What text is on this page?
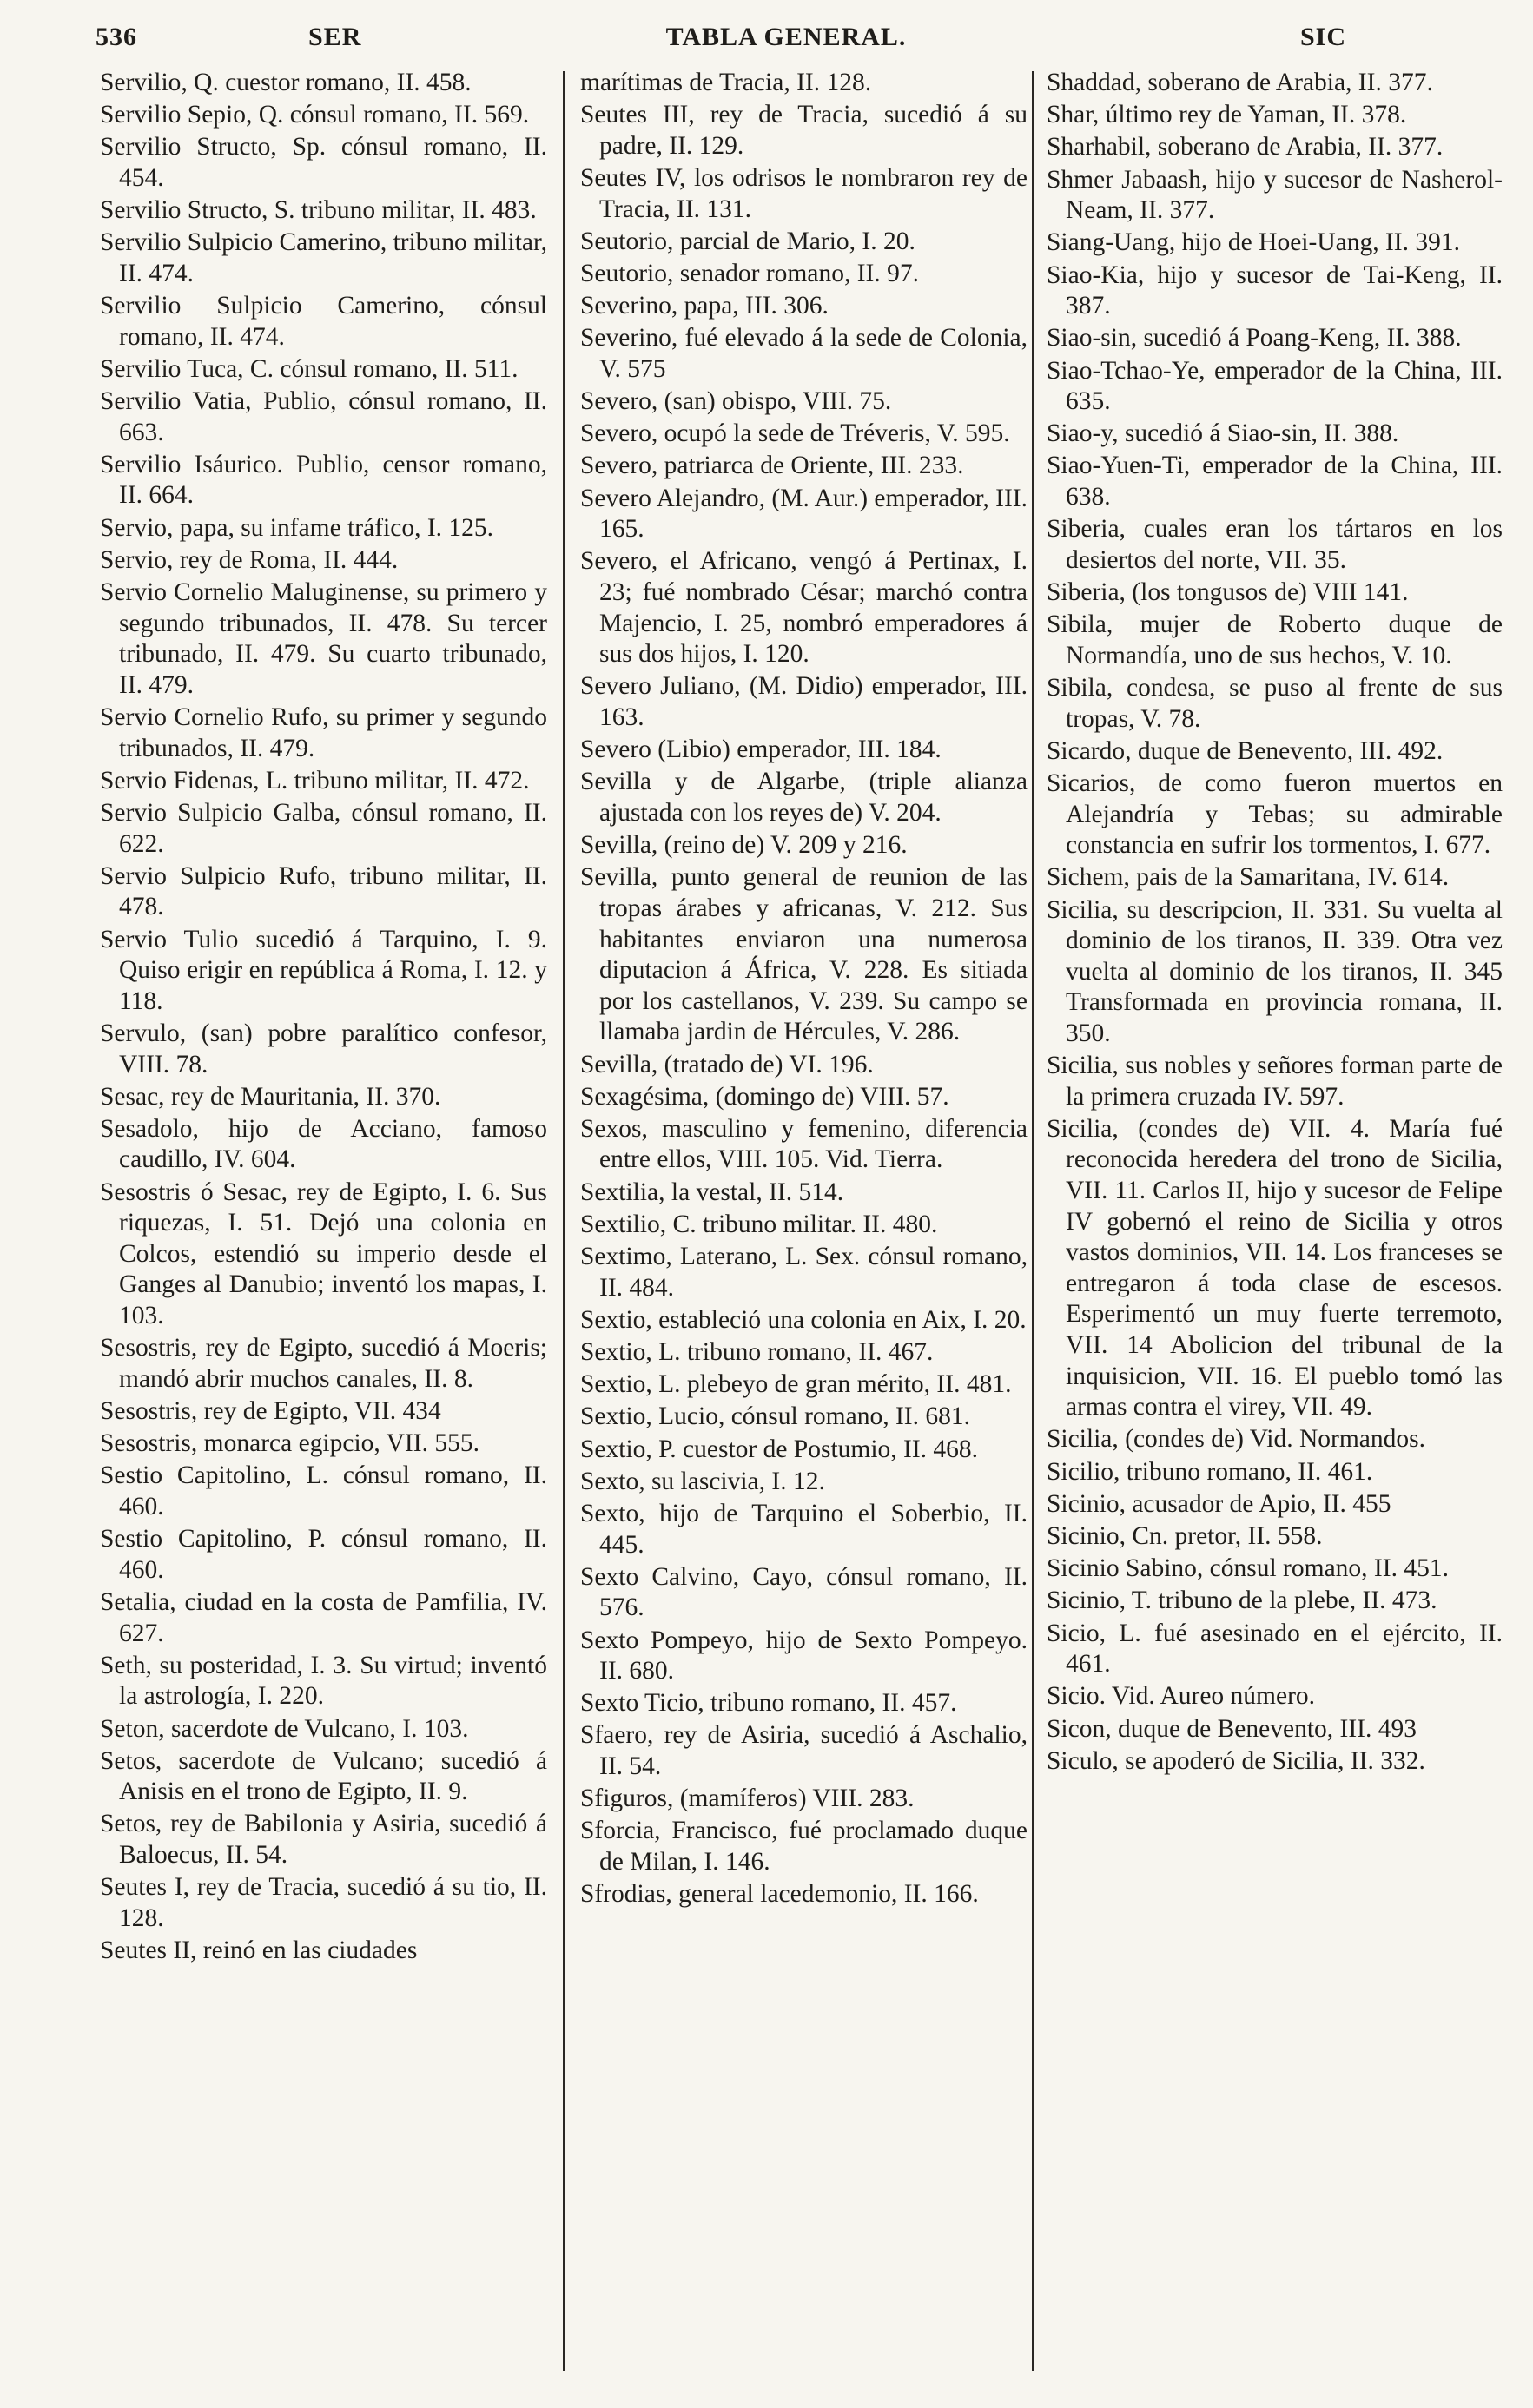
536	SER	TABLA GENERAL.	SIC

Servilio, Q. cuestor romano, II. 458.

Servilio Sepio, Q. cónsul romano, II. 569.

Servilio Structo, Sp. cónsul romano, II. 454.

Servilio Structo, S. tribuno militar, II. 483.

Servilio Sulpicio Camerino, tribuno militar, II. 474.

Servilio Sulpicio Camerino, cónsul romano, II. 474.

Servilio Tuca, C. cónsul romano, II. 511.

Servilio Vatia, Publio, cónsul romano, II. 663.

Servilio Isáurico. Publio, censor romano, II. 664.

Servio, papa, su infame tráfico, I. 125.

Servio, rey de Roma, II. 444.

Servio Cornelio Maluginense, su primero y segundo tribunados, II. 478. Su tercer tribunado, II. 479. Su cuarto tribunado, II. 479.

Servio Cornelio Rufo, su primer y segundo tribunados, II. 479.

Servio Fidenas, L. tribuno militar, II. 472.

Servio Sulpicio Galba, cónsul romano, II. 622.

Servio Sulpicio Rufo, tribuno militar, II. 478.

Servio Tulio sucedió á Tarquino, I. 9. Quiso erigir en república á Roma, I. 12. y 118.

Servulo, (san) pobre paralítico confesor, VIII. 78.

Sesac, rey de Mauritania, II. 370.

Sesadolo, hijo de Acciano, famoso caudillo, IV. 604.

Sesostris ó Sesac, rey de Egipto, I. 6. Sus riquezas, I. 51. Dejó una colonia en Colcos, estendió su imperio desde el Ganges al Danubio; inventó los mapas, I. 103.

Sesostris, rey de Egipto, sucedió á Moeris; mandó abrir muchos canales, II. 8.

Sesostris, rey de Egipto, VII. 434

Sesostris, monarca egipcio, VII. 555.

Sestio Capitolino, L. cónsul romano, II. 460.

Sestio Capitolino, P. cónsul romano, II. 460.

Setalia, ciudad en la costa de Pamfilia, IV. 627.

Seth, su posteridad, I. 3. Su virtud; inventó la astrología, I. 220.

Seton, sacerdote de Vulcano, I. 103.

Setos, sacerdote de Vulcano; sucedió á Anisis en el trono de Egipto, II. 9.

Setos, rey de Babilonia y Asiria, sucedió á Baloecus, II. 54.

Seutes I, rey de Tracia, sucedió á su tio, II. 128.

Seutes II, reinó en las ciudades

marítimas de Tracia, II. 128.

Seutes III, rey de Tracia, sucedió á su padre, II. 129.

Seutes IV, los odrisos le nombraron rey de Tracia, II. 131.

Seutorio, parcial de Mario, I. 20.

Seutorio, senador romano, II. 97.

Severino, papa, III. 306.

Severino, fué elevado á la sede de Colonia, V. 575

Severo, (san) obispo, VIII. 75.

Severo, ocupó la sede de Tréveris, V. 595.

Severo, patriarca de Oriente, III. 233.

Severo Alejandro, (M. Aur.) emperador, III. 165.

Severo, el Africano, vengó á Pertinax, I. 23; fué nombrado César; marchó contra Majencio, I. 25, nombró emperadores á sus dos hijos, I. 120.

Severo Juliano, (M. Didio) emperador, III. 163.

Severo (Libio) emperador, III. 184.

Sevilla y de Algarbe, (triple alianza ajustada con los reyes de) V. 204.

Sevilla, (reino de) V. 209 y 216.

Sevilla, punto general de reunion de las tropas árabes y africanas, V. 212. Sus habitantes enviaron una numerosa diputacion á África, V. 228. Es sitiada por los castellanos, V. 239. Su campo se llamaba jardin de Hércules, V. 286.

Sevilla, (tratado de) VI. 196.

Sexagésima, (domingo de) VIII. 57.

Sexos, masculino y femenino, diferencia entre ellos, VIII. 105. Vid. Tierra.

Sextilia, la vestal, II. 514.

Sextilio, C. tribuno militar. II. 480.

Sextimo, Laterano, L. Sex. cónsul romano, II. 484.

Sextio, estableció una colonia en Aix, I. 20.

Sextio, L. tribuno romano, II. 467.

Sextio, L. plebeyo de gran mérito, II. 481.

Sextio, Lucio, cónsul romano, II. 681.

Sextio, P. cuestor de Postumio, II. 468.

Sexto, su lascivia, I. 12.

Sexto, hijo de Tarquino el Soberbio, II. 445.

Sexto Calvino, Cayo, cónsul romano, II. 576.

Sexto Pompeyo, hijo de Sexto Pompeyo. II. 680.

Sexto Ticio, tribuno romano, II. 457.

Sfaero, rey de Asiria, sucedió á Aschalio, II. 54.

Sfiguros, (mamíferos) VIII. 283.

Sforcia, Francisco, fué proclamado duque de Milan, I. 146.

Sfrodias, general lacedemonio, II. 166.

Shaddad, soberano de Arabia, II. 377.

Shar, último rey de Yaman, II. 378.

Sharhabil, soberano de Arabia, II. 377.

Shmer Jabaash, hijo y sucesor de Nasherol-Neam, II. 377.

Siang-Uang, hijo de Hoei-Uang, II. 391.

Siao-Kia, hijo y sucesor de Tai-Keng, II. 387.

Siao-sin, sucedió á Poang-Keng, II. 388.

Siao-Tchao-Ye, emperador de la China, III. 635.

Siao-y, sucedió á Siao-sin, II. 388.

Siao-Yuen-Ti, emperador de la China, III. 638.

Siberia, cuales eran los tártaros en los desiertos del norte, VII. 35.

Siberia, (los tongusos de) VIII 141.

Sibila, mujer de Roberto duque de Normandía, uno de sus hechos, V. 10.

Sibila, condesa, se puso al frente de sus tropas, V. 78.

Sicardo, duque de Benevento, III. 492.

Sicarios, de como fueron muertos en Alejandría y Tebas; su admirable constancia en sufrir los tormentos, I. 677.

Sichem, pais de la Samaritana, IV. 614.

Sicilia, su descripcion, II. 331. Su vuelta al dominio de los tiranos, II. 339. Otra vez vuelta al dominio de los tiranos, II. 345 Transformada en provincia romana, II. 350.

Sicilia, sus nobles y señores forman parte de la primera cruzada IV. 597.

Sicilia, (condes de) VII. 4. María fué reconocida heredera del trono de Sicilia, VII. 11. Carlos II, hijo y sucesor de Felipe IV gobernó el reino de Sicilia y otros vastos dominios, VII. 14. Los franceses se entregaron á toda clase de escesos. Esperimentó un muy fuerte terremoto, VII. 14 Abolicion del tribunal de la inquisicion, VII. 16. El pueblo tomó las armas contra el virey, VII. 49.

Sicilia, (condes de) Vid. Normandos.

Sicilio, tribuno romano, II. 461.

Sicinio, acusador de Apio, II. 455

Sicinio, Cn. pretor, II. 558.

Sicinio Sabino, cónsul romano, II. 451.

Sicinio, T. tribuno de la plebe, II. 473.

Sicio, L. fué asesinado en el ejército, II. 461.

Sicio. Vid. Aureo número.

Sicon, duque de Benevento, III. 493

Siculo, se apoderó de Sicilia, II. 332.
